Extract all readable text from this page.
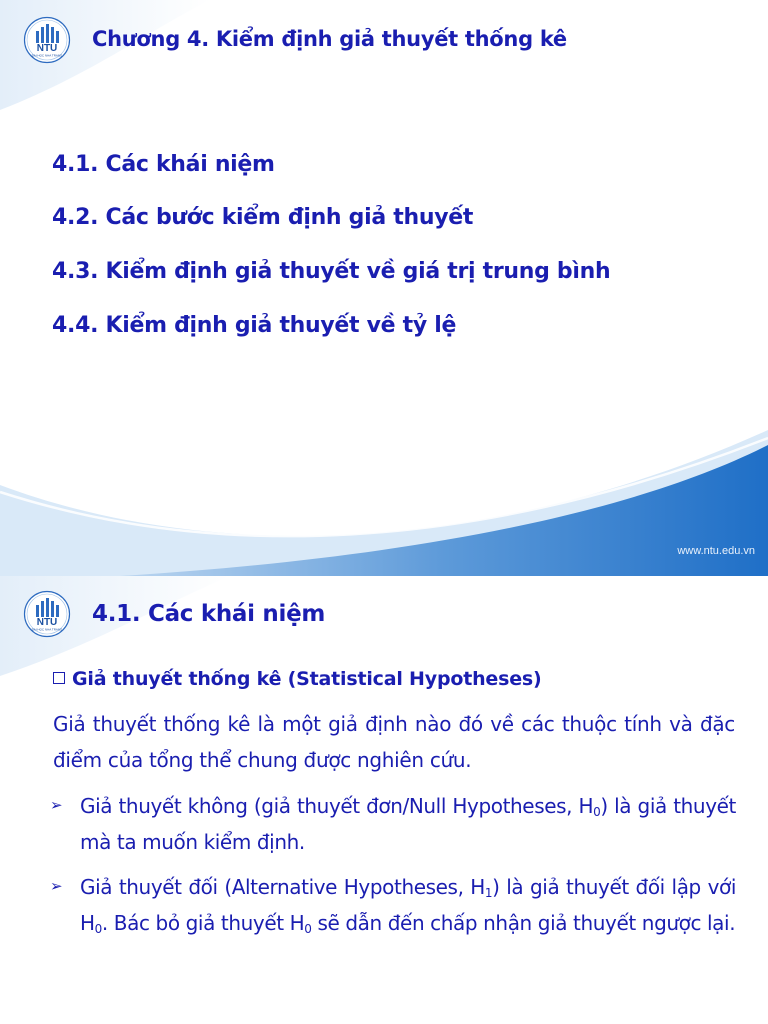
NTU
ĐẠI HỌC NHA TRANG
Chương 4. Kiểm định giả thuyết thống kê

4.1. Các khái niệm

4.2. Các bước kiểm định giả thuyết

4.3. Kiểm định giả thuyết về giá trị trung bình

4.4. Kiểm định giả thuyết về tỷ lệ

www.ntu.edu.vn
NTU
ĐẠI HỌC NHA TRANG
4.1. Các khái niệm
Giả thuyết thống kê (Statistical Hypotheses)

Giả thuyết thống kê là một giả định nào đó về các thuộc tính và đặc điểm của tổng thể chung được nghiên cứu.

➢ Giả thuyết không (giả thuyết đơn/Null Hypotheses, $H_0$) là giả thuyết mà ta muốn kiểm định.

➢ Giả thuyết đối (Alternative Hypotheses, $H_1$) là giả thuyết đối lập với $H_0$. Bác bỏ giả thuyết $H_0$ sẽ dẫn đến chấp nhận giả thuyết ngược lại.
